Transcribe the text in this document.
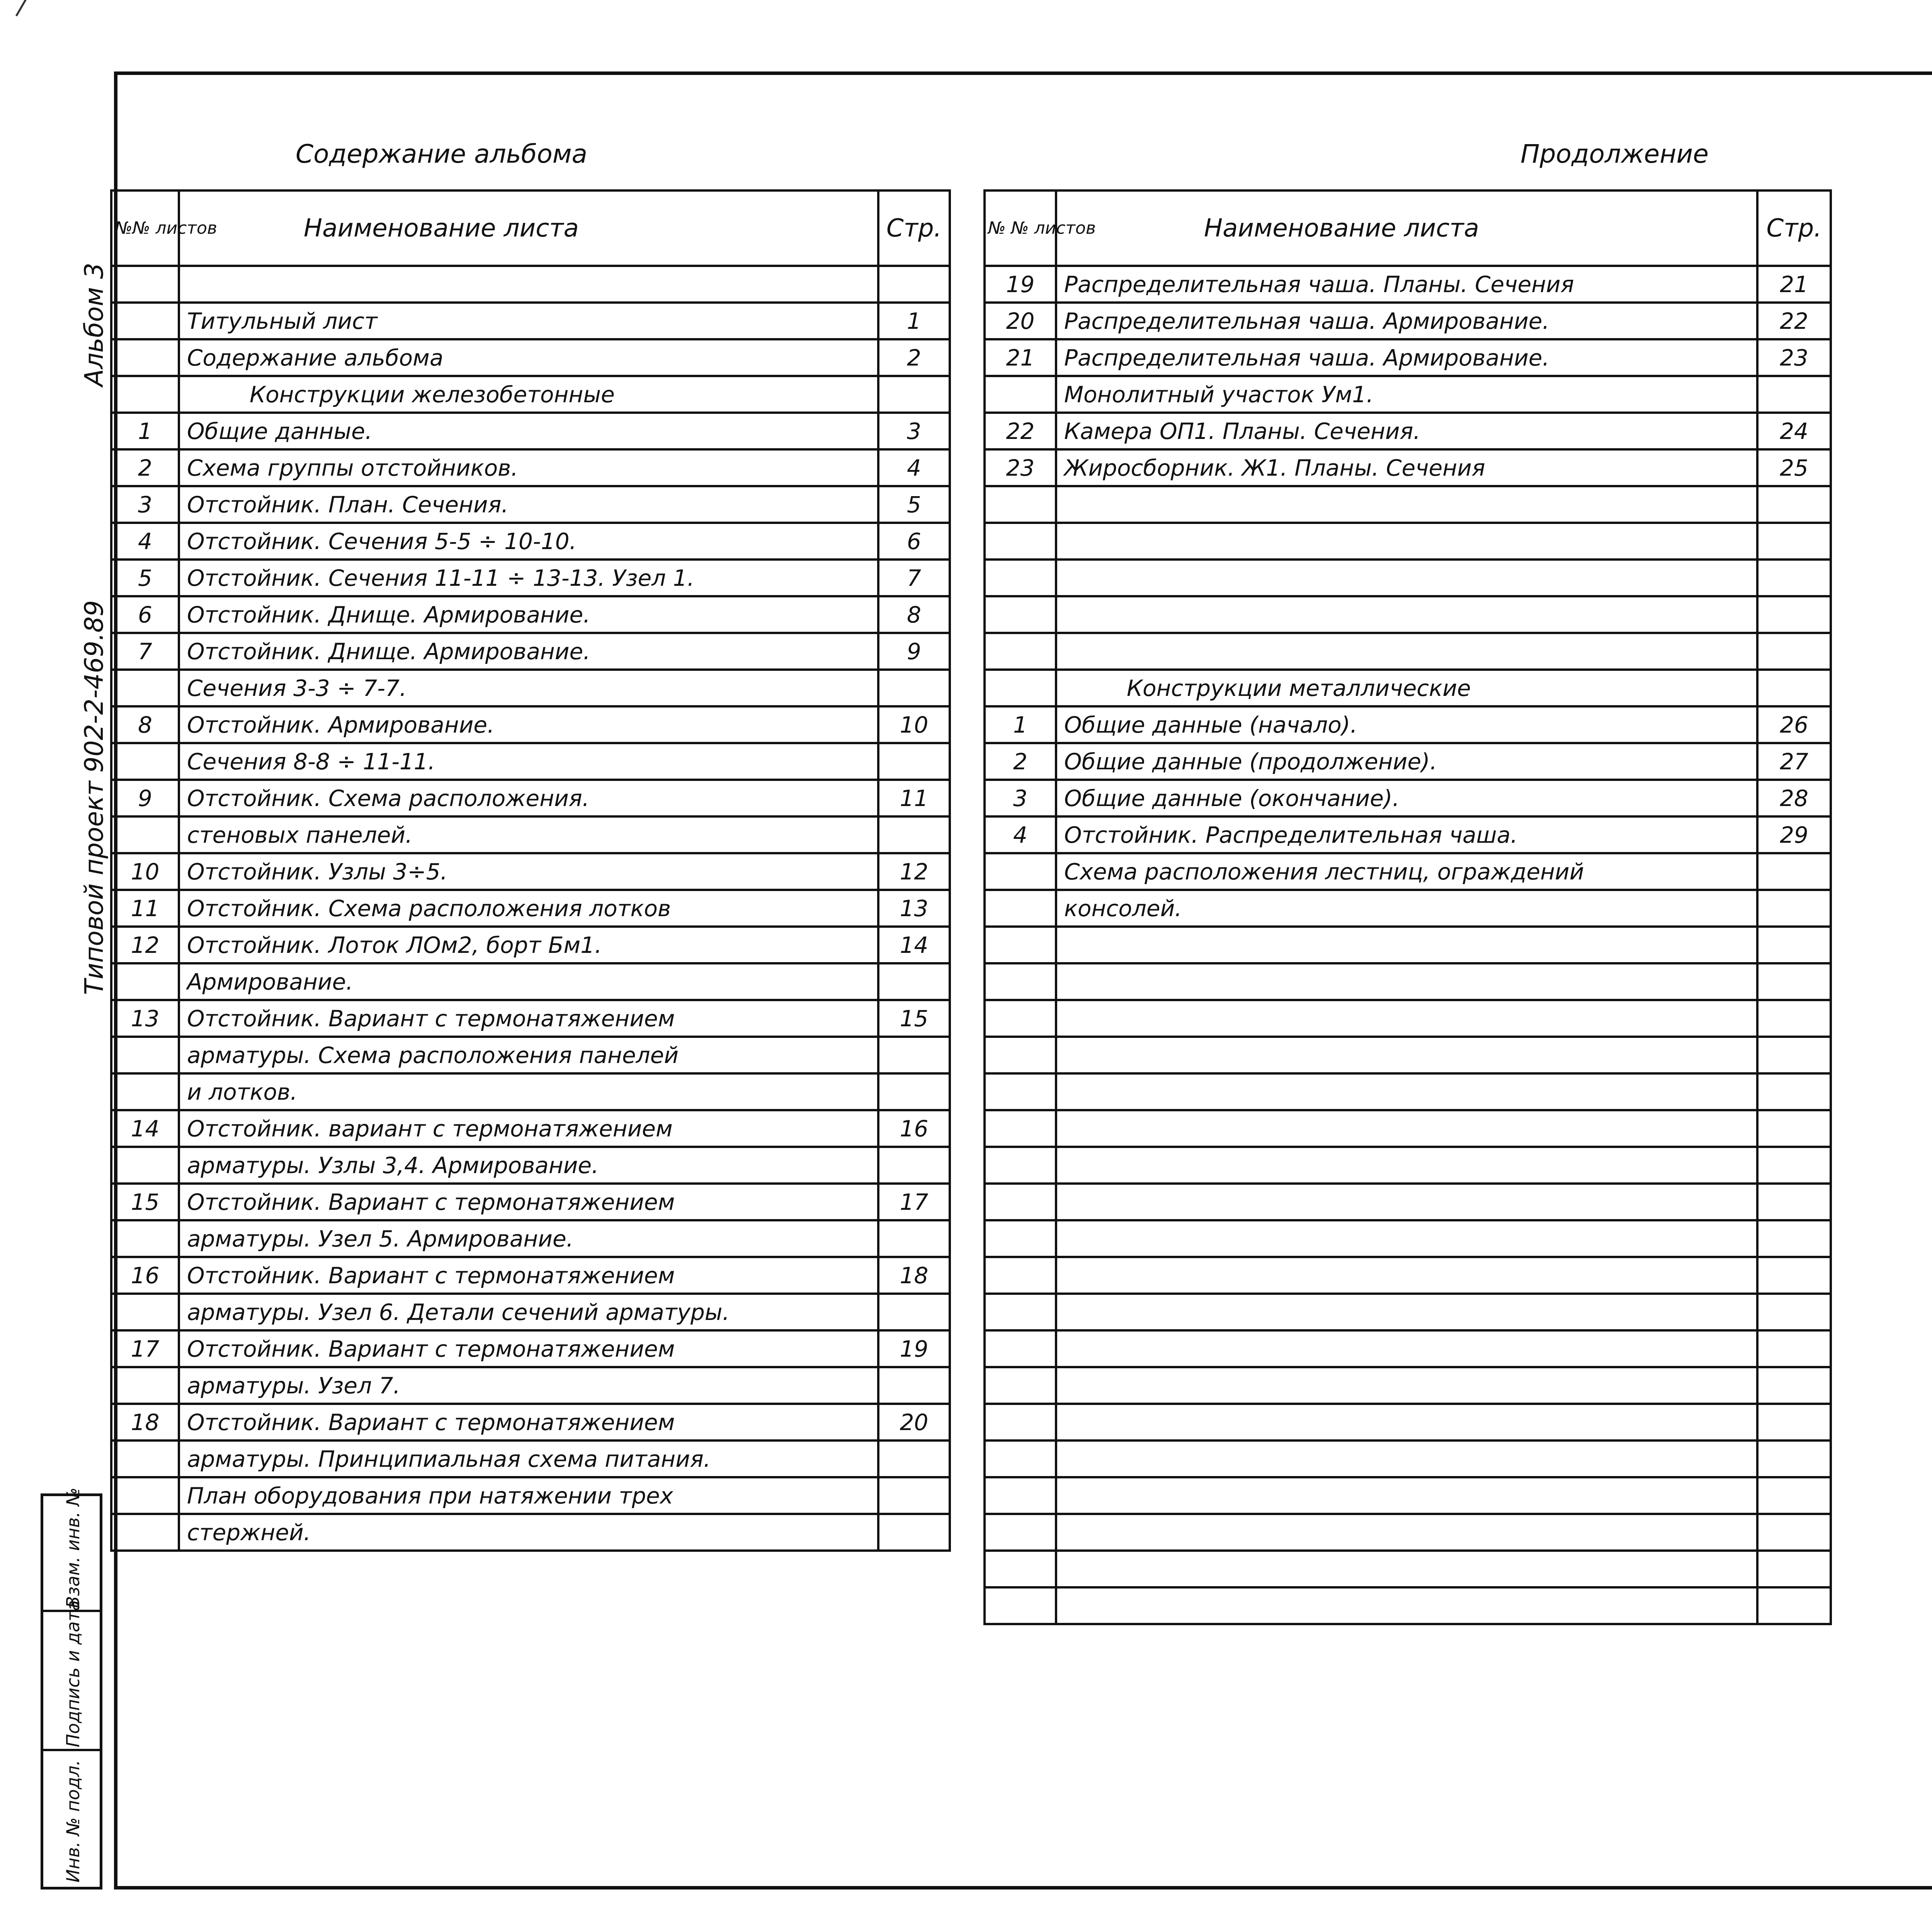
Альбом 3
Типовой проект 902-2-469.89
Взам. инв. №
Подпись и дата
Инв. № подл.
Содержание альбома	Продолжение
№№ листов	Наименование листа	Стр.

	Титульный лист	1
	Содержание альбома	2
	Конструкции железобетонные	
1	Общие данные.	3
2	Схема группы отстойников.	4
3	Отстойник. План. Сечения.	5
4	Отстойник. Сечения 5-5 ÷ 10-10.	6
5	Отстойник. Сечения 11-11 ÷ 13-13. Узел 1.	7
6	Отстойник. Днище. Армирование.	8
7	Отстойник. Днище. Армирование.	9
	Сечения 3-3 ÷ 7-7.	
8	Отстойник. Армирование.	10
	Сечения 8-8 ÷ 11-11.	
9	Отстойник. Схема расположения.	11
	стеновых панелей.	
10	Отстойник. Узлы 3÷5.	12
11	Отстойник. Схема расположения лотков	13
12	Отстойник. Лоток ЛОм2, борт Бм1.	14
	Армирование.	
13	Отстойник. Вариант с термонатяжением	15
	арматуры. Схема расположения панелей	
	и лотков.	
14	Отстойник. вариант с термонатяжением	16
	арматуры. Узлы 3,4. Армирование.	
15	Отстойник. Вариант с термонатяжением	17
	арматуры. Узел 5. Армирование.	
16	Отстойник. Вариант с термонатяжением	18
	арматуры. Узел 6. Детали сечений арматуры.	
17	Отстойник. Вариант с термонатяжением	19
	арматуры. Узел 7.	
18	Отстойник. Вариант с термонатяжением	20
	арматуры. Принципиальная схема питания.	
	План оборудования при натяжении трех	
	стержней.	
№ № листов	Наименование листа	Стр.
19	Распределительная чаша. Планы. Сечения	21
20	Распределительная чаша. Армирование.	22
21	Распределительная чаша. Армирование.	23
	Монолитный участок Ум1.	
22	Камера ОП1. Планы. Сечения.	24
23	Жиросборник. Ж1. Планы. Сечения	25

	Конструкции металлические	
1	Общие данные (начало).	26
2	Общие данные (продолжение).	27
3	Общие данные (окончание).	28
4	Отстойник. Распределительная чаша.	29
	Схема расположения лестниц, ограждений	
	консолей.	
